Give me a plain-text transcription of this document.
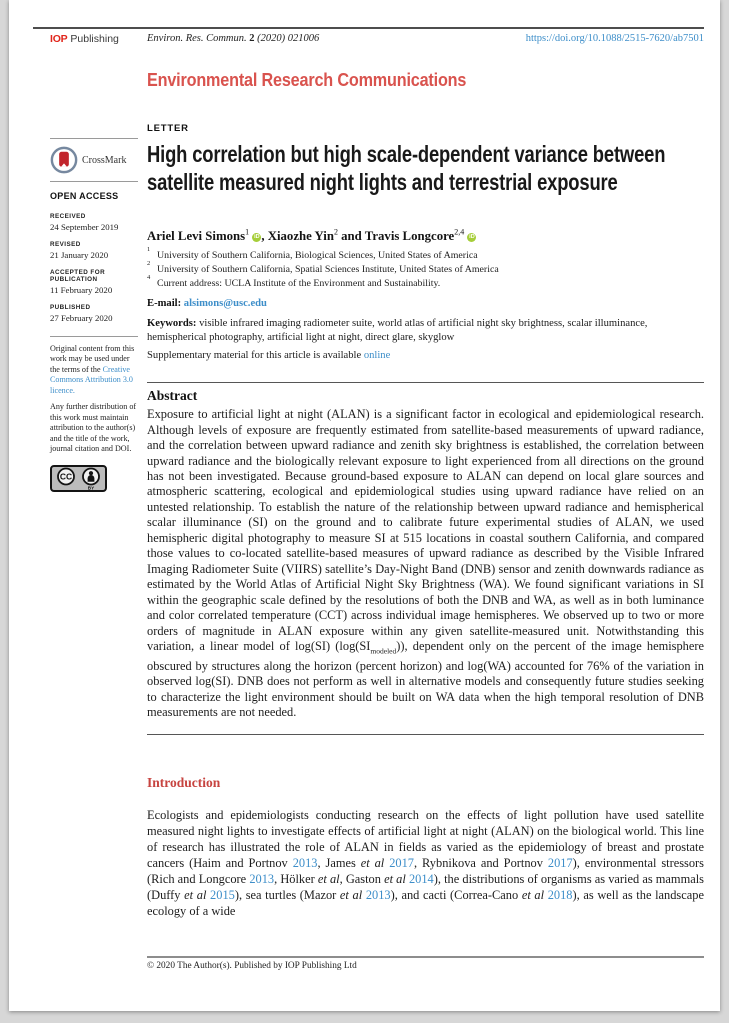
IOP Publishing	Environ. Res. Commun. 2 (2020) 021006	https://doi.org/10.1088/2515-7620/ab7501
Environmental Research Communications
CrossMark
OPEN ACCESS
RECEIVED
24 September 2019
REVISED
21 January 2020
ACCEPTED FOR PUBLICATION
11 February 2020
PUBLISHED
27 February 2020
Original content from this work may be used under the terms of the Creative Commons Attribution 3.0 licence.
Any further distribution of this work must maintain attribution to the author(s) and the title of the work, journal citation and DOI.
CC
BY
LETTER
High correlation but high scale-dependent variance between satellite measured night lights and terrestrial exposure
Ariel Levi Simons$^1$ iD , Xiaozhe Yin$^2$ and Travis Longcore$^{2,4}$ iD
1
University of Southern California, Biological Sciences, United States of America
2
University of Southern California, Spatial Sciences Institute, United States of America
4
Current address: UCLA Institute of the Environment and Sustainability.
E-mail: alsimons@usc.edu
Keywords: visible infrared imaging radiometer suite, world atlas of artificial night sky brightness, scalar illuminance, hemispherical photography, artificial light at night, direct glare, skyglow
Supplementary material for this article is available online
Abstract

Exposure to artificial light at night (ALAN) is a significant factor in ecological and epidemiological research. Although levels of exposure are frequently estimated from satellite-based measurements of upward radiance, and the correlation between upward radiance and zenith sky brightness is established, the correlation between upward radiance and the biologically relevant exposure to light experienced from all directions on the ground has not been investigated. Because ground-based exposure to ALAN can depend on local glare sources and atmospheric scattering, ecological and epidemiological studies using upward radiance have relied on an untested relationship. To establish the nature of the relationship between upward radiance and hemispherical scalar illuminance (SI) on the ground and to calibrate future experimental studies of ALAN, we used hemispheric digital photography to measure SI at 515 locations in coastal southern California, and compared those values to co-located satellite-based measures of upward radiance as described by the Visible Infrared Imaging Radiometer Suite (VIIRS) satellite’s Day-Night Band (DNB) sensor and zenith downwards radiance as estimated by the World Atlas of Artificial Night Sky Brightness (WA). We found significant variations in SI within the geographic scale defined by the resolutions of both the DNB and WA, as well as in both luminance and color correlated temperature (CCT) across individual image hemispheres. We observed up to two or more orders of magnitude in ALAN exposure within any given satellite-measured unit. Notwithstanding this variation, a linear model of log(SI) $(\log(SI_{modeled}))$, dependent only on the percent of the image hemisphere obscured by structures along the horizon (percent horizon) and log(WA) accounted for 76% of the variation in observed log(SI). DNB does not perform as well in alternative models and consequently future studies seeking to characterize the light environment should be built on WA data when the high temporal resolution of DNB measurements are not needed.

Introduction

Ecologists and epidemiologists conducting research on the effects of light pollution have used satellite measured night lights to investigate effects of artificial light at night (ALAN) on the biological world. This line of research has illustrated the role of ALAN in fields as varied as the epidemiology of breast and prostate cancers (Haim and Portnov 2013, James et al 2017, Rybnikova and Portnov 2017), environmental stressors (Rich and Longcore 2013, Hölker et al, Gaston et al 2014), the distributions of organisms as varied as mammals (Duffy et al 2015), sea turtles (Mazor et al 2013), and cacti (Correa-Cano et al 2018), as well as the landscape ecology of a wide

© 2020 The Author(s). Published by IOP Publishing Ltd
